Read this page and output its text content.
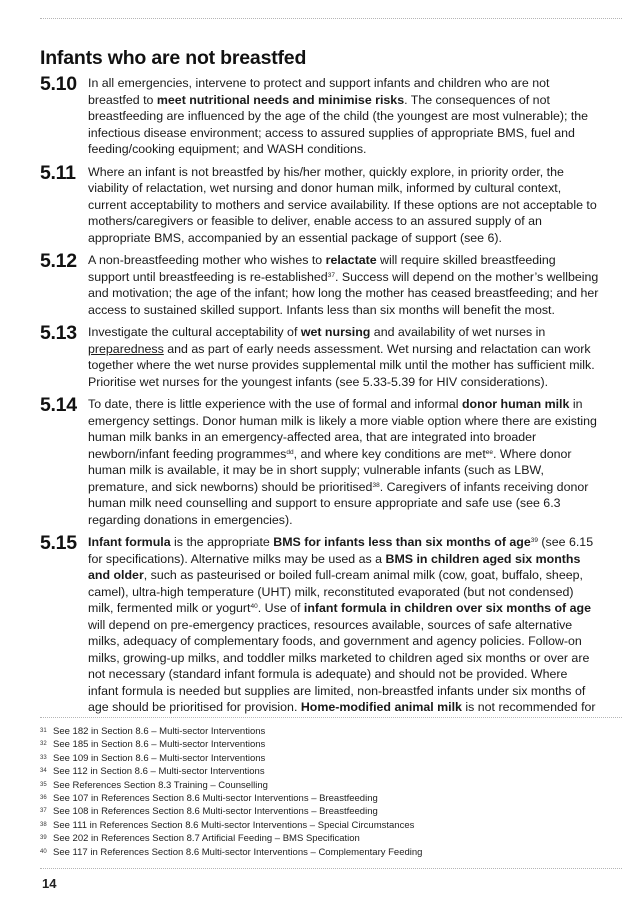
Infants who are not breastfed
5.10 In all emergencies, intervene to protect and support infants and children who are not breastfed to meet nutritional needs and minimise risks. The consequences of not breastfeeding are influenced by the age of the child (the youngest are most vulnerable); the infectious disease environment; access to assured supplies of appropriate BMS, fuel and feeding/cooking equipment; and WASH conditions.
5.11 Where an infant is not breastfed by his/her mother, quickly explore, in priority order, the viability of relactation, wet nursing and donor human milk, informed by cultural context, current acceptability to mothers and service availability. If these options are not acceptable to mothers/caregivers or feasible to deliver, enable access to an assured supply of an appropriate BMS, accompanied by an essential package of support (see 6).
5.12 A non-breastfeeding mother who wishes to relactate will require skilled breastfeeding support until breastfeeding is re-established$^{37}$. Success will depend on the mother’s wellbeing and motivation; the age of the infant; how long the mother has ceased breastfeeding; and her access to sustained skilled support. Infants less than six months will benefit the most.
5.13 Investigate the cultural acceptability of wet nursing and availability of wet nurses in preparedness and as part of early needs assessment. Wet nursing and relactation can work together where the wet nurse provides supplemental milk until the mother has sufficient milk. Prioritise wet nurses for the youngest infants (see 5.33-5.39 for HIV considerations).
5.14 To date, there is little experience with the use of formal and informal donor human milk in emergency settings. Donor human milk is likely a more viable option where there are existing human milk banks in an emergency-affected area, that are integrated into broader newborn/infant feeding programmes$^{dd}$, and where key conditions are met$^{ee}$. Where donor human milk is available, it may be in short supply; vulnerable infants (such as LBW, premature, and sick newborns) should be prioritised$^{38}$. Caregivers of infants receiving donor human milk need counselling and support to ensure appropriate and safe use (see 6.3 regarding donations in emergencies).
5.15 Infant formula is the appropriate BMS for infants less than six months of age$^{39}$ (see 6.15 for specifications). Alternative milks may be used as a BMS in children aged six months and older, such as pasteurised or boiled full-cream animal milk (cow, goat, buffalo, sheep, camel), ultra-high temperature (UHT) milk, reconstituted evaporated (but not condensed) milk, fermented milk or yogurt$^{40}$. Use of infant formula in children over six months of age will depend on pre-emergency practices, resources available, sources of safe alternative milks, adequacy of complementary foods, and government and agency policies. Follow-on milks, growing-up milks, and toddler milks marketed to children aged six months or over are not necessary (standard infant formula is adequate) and should not be provided. Where infant formula is needed but supplies are limited, non-breastfed infants under six months of age should be prioritised for provision. Home-modified animal milk is not recommended for
31 See 182 in Section 8.6 – Multi-sector Interventions
32 See 185 in Section 8.6 – Multi-sector Interventions
33 See 109 in Section 8.6 – Multi-sector Interventions
34 See 112 in Section 8.6 – Multi-sector Interventions
35 See References Section 8.3 Training – Counselling
36 See 107 in References Section 8.6 Multi-sector Interventions – Breastfeeding
37 See 108 in References Section 8.6 Multi-sector Interventions – Breastfeeding
38 See 111 in References Section 8.6 Multi-sector Interventions – Special Circumstances
39 See 202 in References Section 8.7 Artificial Feeding – BMS Specification
40 See 117 in References Section 8.6 Multi-sector Interventions – Complementary Feeding
14
